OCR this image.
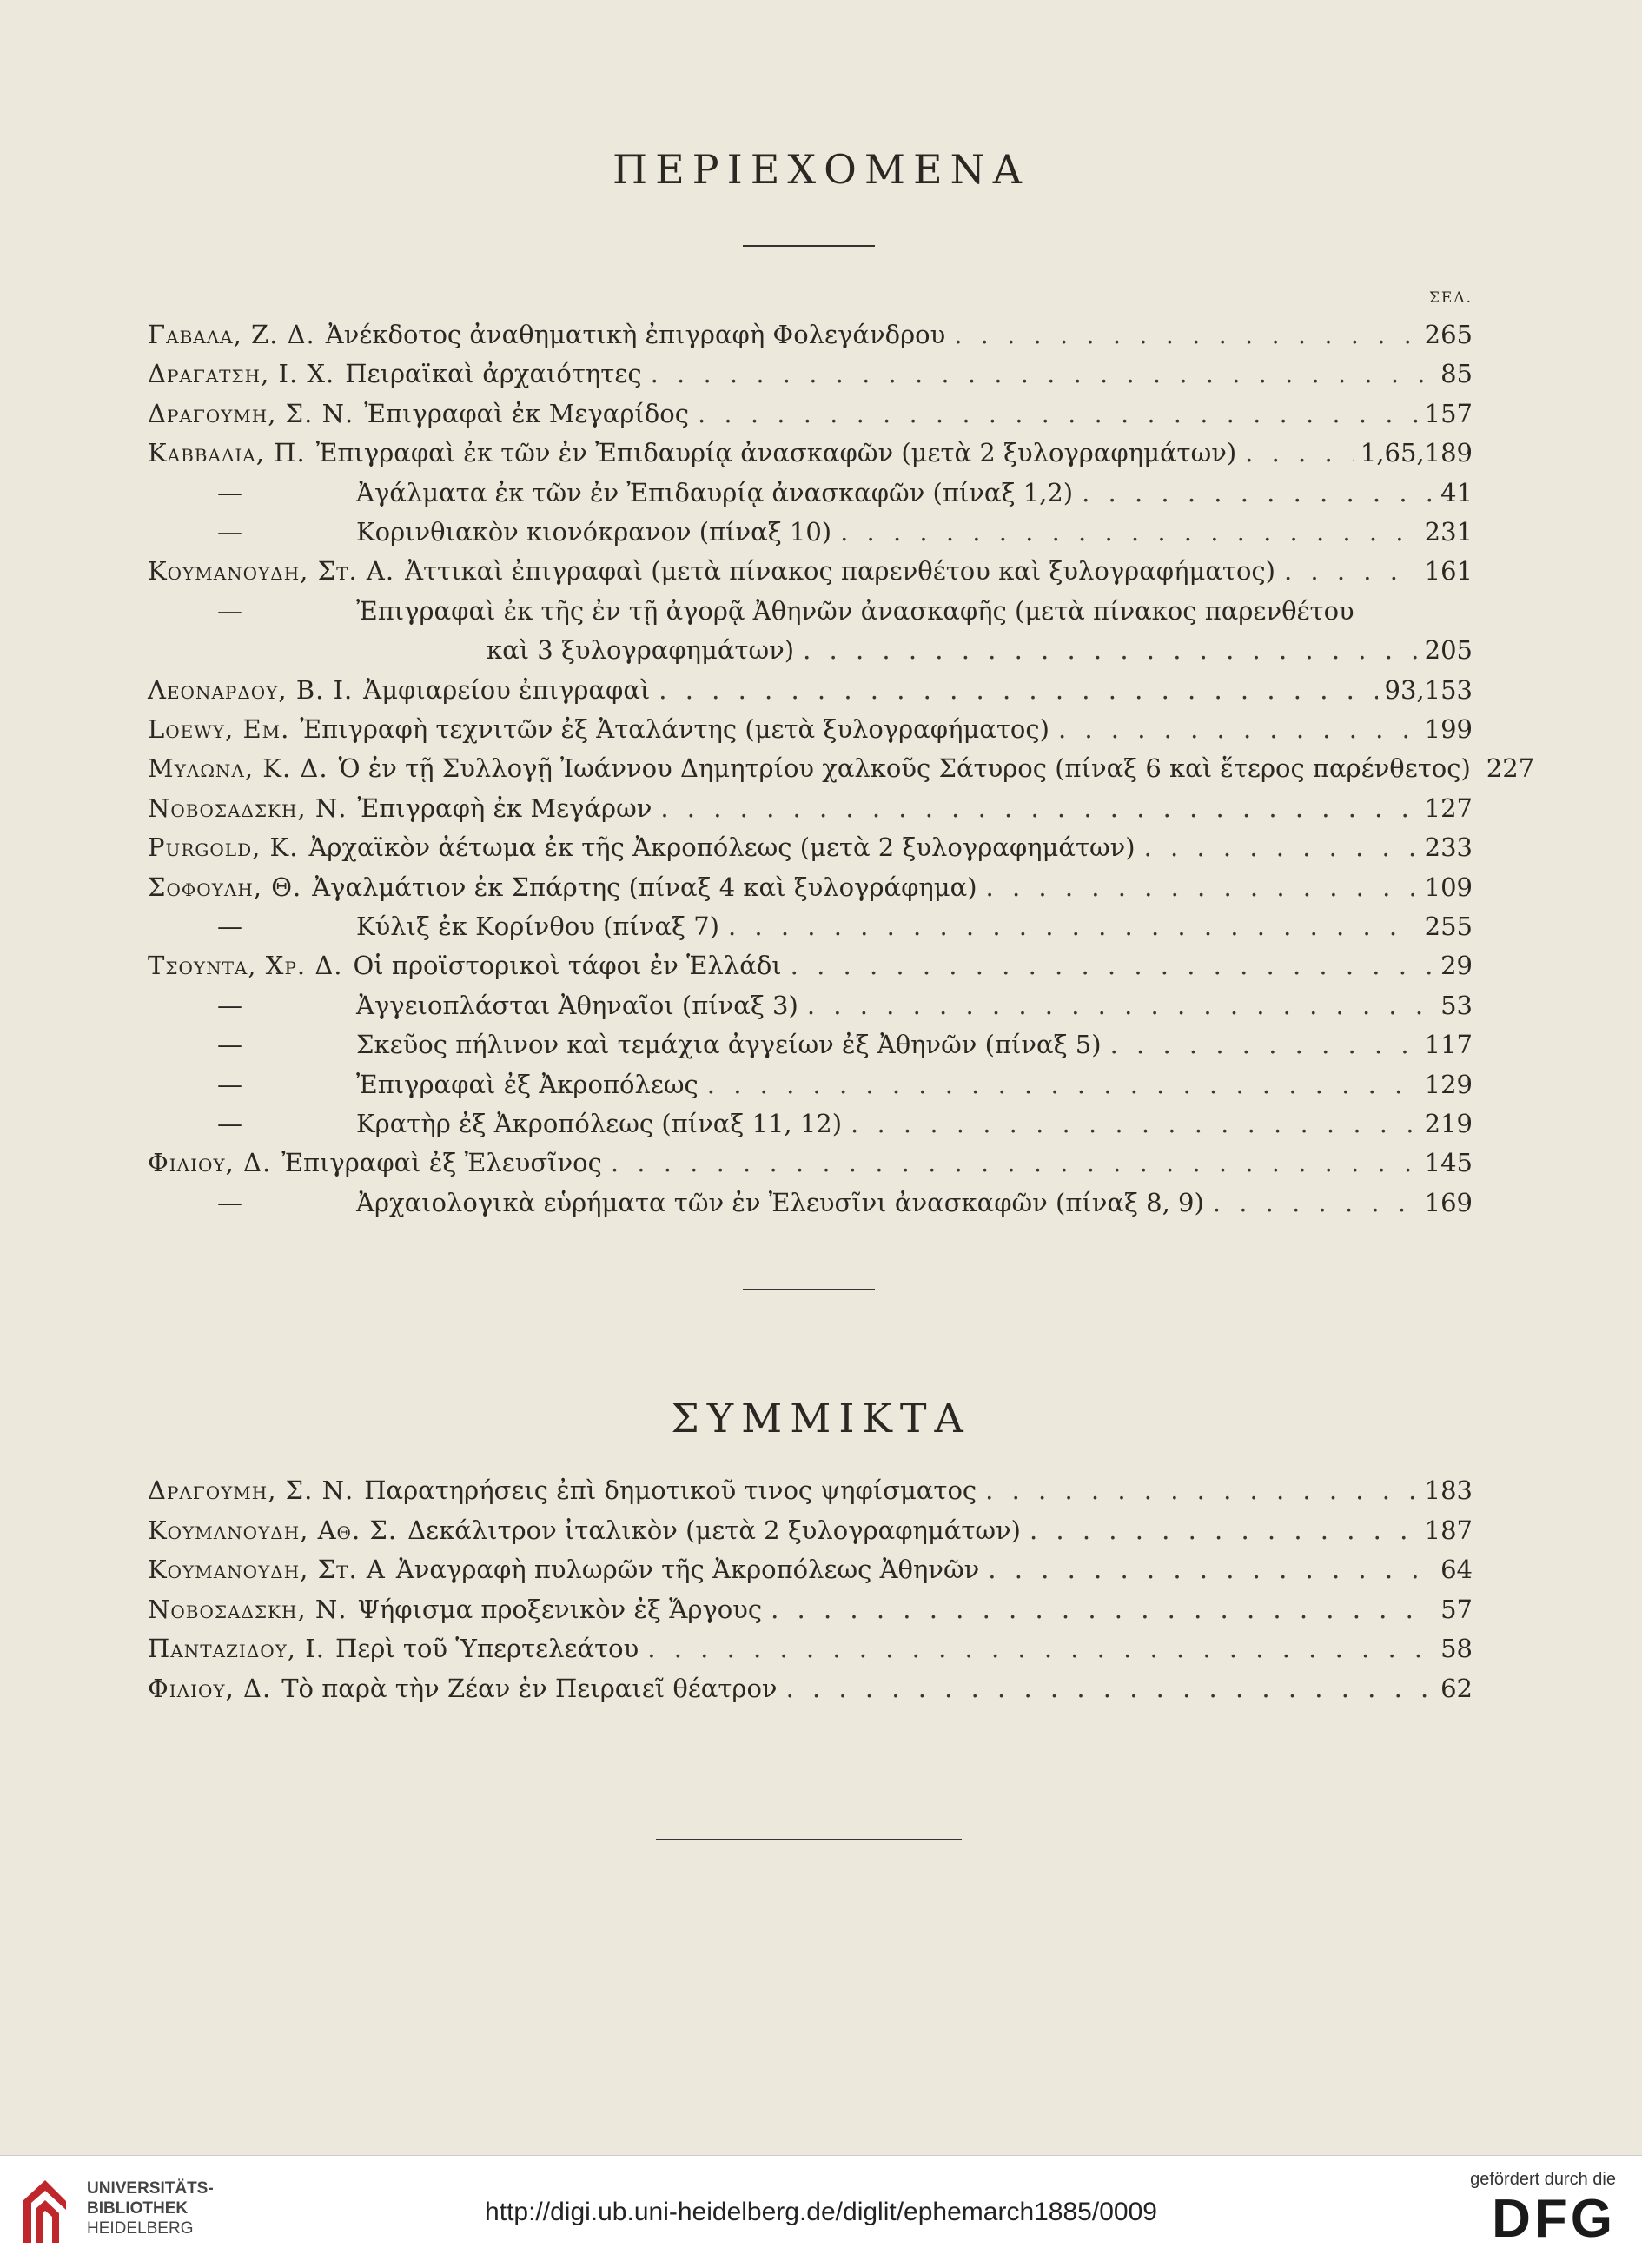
ΠΕΡΙΕΧΟΜΕΝΑ
ΣΕΛ.
Γαβαλα, Ζ. Δ. Ἀνέκδοτος ἀναθηματικὴ ἐπιγραφὴ Φολεγάνδρου . . .	265
Δραγατση, Ι. Χ. Πειραϊκαὶ ἀρχαιότητες . . .	85
Δραγουμη, Σ. Ν. Ἐπιγραφαὶ ἐκ Μεγαρίδος . . .	157
Καββαδια, Π. Ἐπιγραφαὶ ἐκ τῶν ἐν Ἐπιδαυρίᾳ ἀνασκαφῶν (μετὰ 2 ξυλογραφημάτων) . . .	1,65,189
—	Ἀγάλματα ἐκ τῶν ἐν Ἐπιδαυρίᾳ ἀνασκαφῶν (πίναξ 1,2) . . .	41
—	Κορινθιακὸν κιονόκρανον (πίναξ 10) . . .	231
Κουμανουδη, Στ. Α. Ἀττικαὶ ἐπιγραφαὶ (μετὰ πίνακος παρενθέτου καὶ ξυλογραφήματος) . . .	161
—	Ἐπιγραφαὶ ἐκ τῆς ἐν τῇ ἀγορᾷ Ἀθηνῶν ἀνασκαφῆς (μετὰ πίνακος παρενθέτου
καὶ 3 ξυλογραφημάτων) . . .	205
Λεοναρδου, Β. Ι. Ἀμφιαρείου ἐπιγραφαὶ . . .	93,153
Loewy, Em. Ἐπιγραφὴ τεχνιτῶν ἐξ Ἀταλάντης (μετὰ ξυλογραφήματος) . . .	199
Μυλωνα, Κ. Δ. Ὁ ἐν τῇ Συλλογῇ Ἰωάννου Δημητρίου χαλκοῦς Σάτυρος (πίναξ 6 καὶ ἕτερος παρένθετος) . . . 227
Νοβοσαδσκη, Ν. Ἐπιγραφὴ ἐκ Μεγάρων . . .	127
Purgold, K. Ἀρχαϊκὸν ἀέτωμα ἐκ τῆς Ἀκροπόλεως (μετὰ 2 ξυλογραφημάτων) . . .	233
Σοφουλη, Θ. Ἀγαλμάτιον ἐκ Σπάρτης (πίναξ 4 καὶ ξυλογράφημα) . . .	109
—	Κύλιξ ἐκ Κορίνθου (πίναξ 7) . . .	255
Τσουντα, Χρ. Δ. Οἱ προϊστορικοὶ τάφοι ἐν Ἑλλάδι . . .	29
—	Ἀγγειοπλάσται Ἀθηναῖοι (πίναξ 3) . . .	53
—	Σκεῦος πήλινον καὶ τεμάχια ἀγγείων ἐξ Ἀθηνῶν (πίναξ 5) . . .	117
—	Ἐπιγραφαὶ ἐξ Ἀκροπόλεως . . .	129
—	Κρατὴρ ἐξ Ἀκροπόλεως (πίναξ 11, 12) . . .	219
Φιλιου, Δ. Ἐπιγραφαὶ ἐξ Ἐλευσῖνος . . .	145
—	Ἀρχαιολογικὰ εὑρήματα τῶν ἐν Ἐλευσῖνι ἀνασκαφῶν (πίναξ 8, 9) . . .	169
ΣΥΜΜΙΚΤΑ
Δραγουμη, Σ. Ν. Παρατηρήσεις ἐπὶ δημοτικοῦ τινος ψηφίσματος . . .	183
Κουμανουδη, Αθ. Σ. Δεκάλιτρον ἰταλικὸν (μετὰ 2 ξυλογραφημάτων) . . .	187
Κουμανουδη, Στ. Α Ἀναγραφὴ πυλωρῶν τῆς Ἀκροπόλεως Ἀθηνῶν . . .	64
Νοβοσαδσκη, Ν. Ψήφισμα προξενικὸν ἐξ Ἄργους . . .	57
Πανταζιδου, Ι. Περὶ τοῦ Ὑπερτελεάτου . . .	58
Φιλιου, Δ. Τὸ παρὰ τὴν Ζέαν ἐν Πειραιεῖ θέατρον . . .	62
UNIVERSITÄTS-
BIBLIOTHEK
HEIDELBERG
http://digi.ub.uni-heidelberg.de/diglit/ephemarch1885/0009
gefördert durch die
DFG
